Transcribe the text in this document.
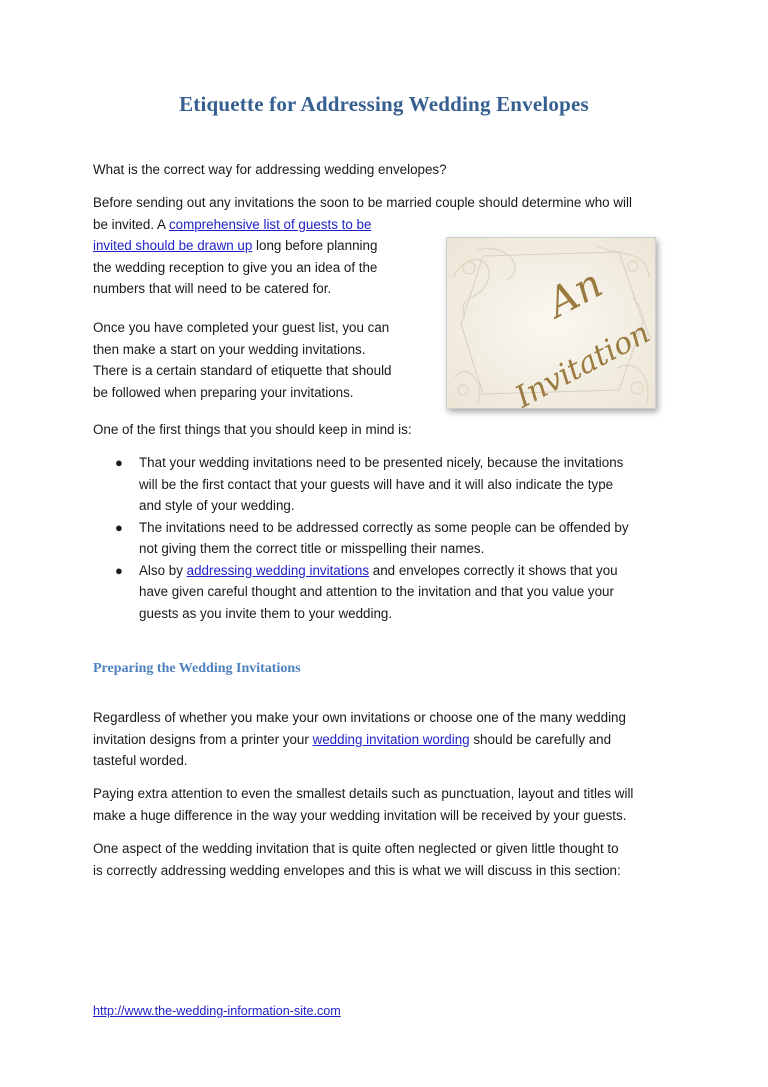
Etiquette for Addressing Wedding Envelopes

What is the correct way for addressing wedding envelopes?

Before sending out any invitations the soon to be married couple should determine who will
be invited. A comprehensive list of guests to be
invited should be drawn up long before planning
the wedding reception to give you an idea of the
numbers that will need to be catered for.

Once you have completed your guest list, you can
then make a start on your wedding invitations.
There is a certain standard of etiquette that should
be followed when preparing your invitations.

An
Invitation

One of the first things that you should keep in mind is:

● That your wedding invitations need to be presented nicely, because the invitations
will be the first contact that your guests will have and it will also indicate the type
and style of your wedding.
● The invitations need to be addressed correctly as some people can be offended by
not giving them the correct title or misspelling their names.
● Also by addressing wedding invitations and envelopes correctly it shows that you
have given careful thought and attention to the invitation and that you value your
guests as you invite them to your wedding.
Preparing the Wedding Invitations

Regardless of whether you make your own invitations or choose one of the many wedding
invitation designs from a printer your wedding invitation wording should be carefully and
tasteful worded.

Paying extra attention to even the smallest details such as punctuation, layout and titles will
make a huge difference in the way your wedding invitation will be received by your guests.

One aspect of the wedding invitation that is quite often neglected or given little thought to
is correctly addressing wedding envelopes and this is what we will discuss in this section:

http://www.the-wedding-information-site.com
